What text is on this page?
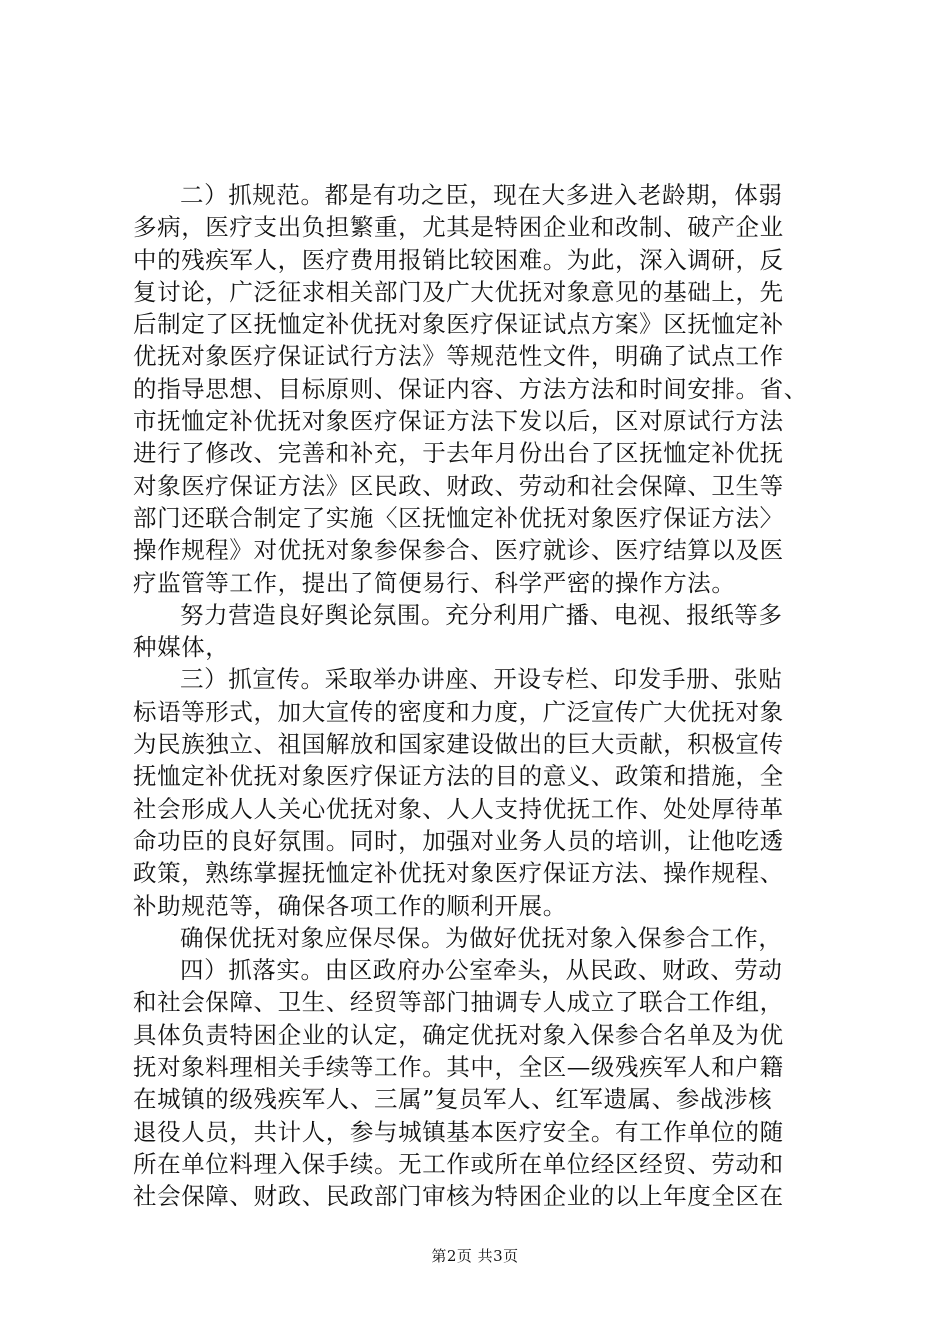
二）抓规范。都是有功之臣，现在大多进入老龄期，体弱
多病，医疗支出负担繁重，尤其是特困企业和改制、破产企业
中的残疾军人，医疗费用报销比较困难。为此，深入调研，反
复讨论，广泛征求相关部门及广大优抚对象意见的基础上，先
后制定了区抚恤定补优抚对象医疗保证试点方案》区抚恤定补
优抚对象医疗保证试行方法》等规范性文件，明确了试点工作
的指导思想、目标原则、保证内容、方法方法和时间安排。省、
市抚恤定补优抚对象医疗保证方法下发以后，区对原试行方法
进行了修改、完善和补充，于去年月份出台了区抚恤定补优抚
对象医疗保证方法》区民政、财政、劳动和社会保障、卫生等
部门还联合制定了实施〈区抚恤定补优抚对象医疗保证方法〉
操作规程》对优抚对象参保参合、医疗就诊、医疗结算以及医
疗监管等工作，提出了简便易行、科学严密的操作方法。
努力营造良好舆论氛围。充分利用广播、电视、报纸等多
种媒体，
三）抓宣传。采取举办讲座、开设专栏、印发手册、张贴
标语等形式，加大宣传的密度和力度，广泛宣传广大优抚对象
为民族独立、祖国解放和国家建设做出的巨大贡献，积极宣传
抚恤定补优抚对象医疗保证方法的目的意义、政策和措施，全
社会形成人人关心优抚对象、人人支持优抚工作、处处厚待革
命功臣的良好氛围。同时，加强对业务人员的培训，让他吃透
政策，熟练掌握抚恤定补优抚对象医疗保证方法、操作规程、
补助规范等，确保各项工作的顺利开展。
确保优抚对象应保尽保。为做好优抚对象入保参合工作，
四）抓落实。由区政府办公室牵头，从民政、财政、劳动
和社会保障、卫生、经贸等部门抽调专人成立了联合工作组，
具体负责特困企业的认定，确定优抚对象入保参合名单及为优
抚对象料理相关手续等工作。其中，全区—级残疾军人和户籍
在城镇的级残疾军人、三属”复员军人、红军遗属、参战涉核
退役人员，共计人，参与城镇基本医疗安全。有工作单位的随
所在单位料理入保手续。无工作或所在单位经区经贸、劳动和
社会保障、财政、民政部门审核为特困企业的以上年度全区在
第2页 共3页
